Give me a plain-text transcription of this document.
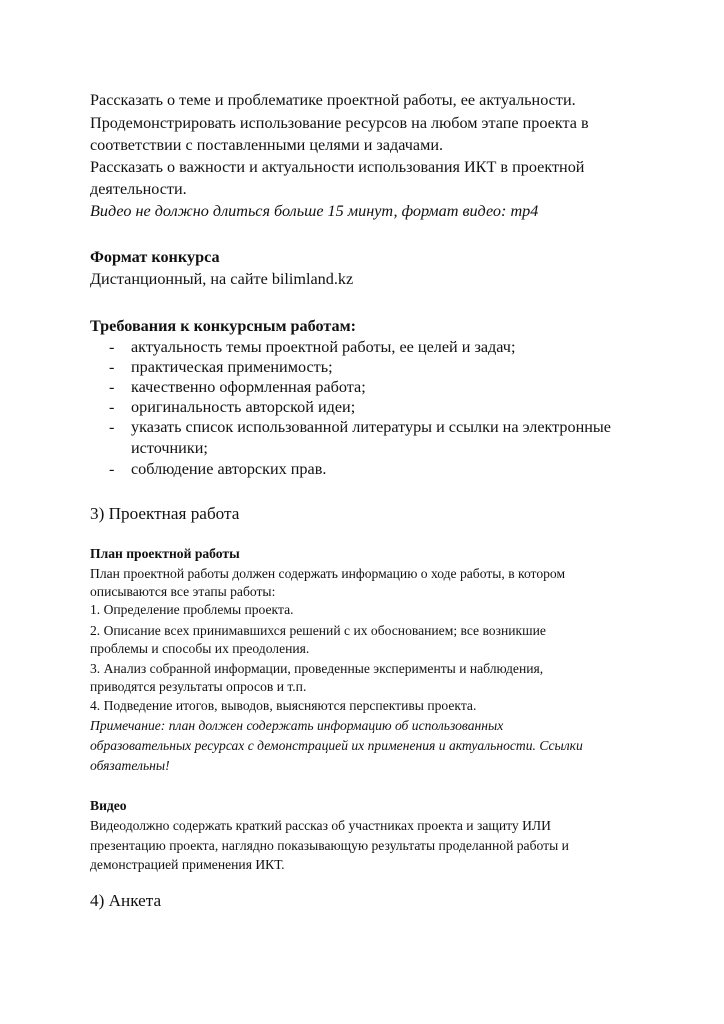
Рассказать о теме и проблематике проектной работы, ее актуальности.
Продемонстрировать использование ресурсов на любом этапе проекта в
соответствии с поставленными целями и задачами.
Рассказать о важности и актуальности использования ИКТ в проектной
деятельности.
Видео не должно длиться больше 15 минут, формат видео: mp4
Формат конкурса
Дистанционный, на сайте bilimland.kz
Требования к конкурсным работам:
- актуальность темы проектной работы, ее целей и задач;
- практическая применимость;
- качественно оформленная работа;
- оригинальность авторской идеи;
- указать список использованной литературы и ссылки на электронные
источники;
- соблюдение авторских прав.
3) Проектная работа
План проектной работы
План проектной работы должен содержать информацию о ходе работы, в котором
описываются все этапы работы:
1. Определение проблемы проекта.
2. Описание всех принимавшихся решений с их обоснованием; все возникшие
проблемы и способы их преодоления.
3. Анализ собранной информации, проведенные эксперименты и наблюдения,
приводятся результаты опросов и т.п.
4. Подведение итогов, выводов, выясняются перспективы проекта.
Примечание: план должен содержать информацию об использованных
образовательных ресурсах с демонстрацией их применения и актуальности. Ссылки
обязательны!
Видео
Видеодолжно содержать краткий рассказ об участниках проекта и защиту ИЛИ
презентацию проекта, наглядно показывающую результаты проделанной работы и
демонстрацией применения ИКТ.
4) Анкета
